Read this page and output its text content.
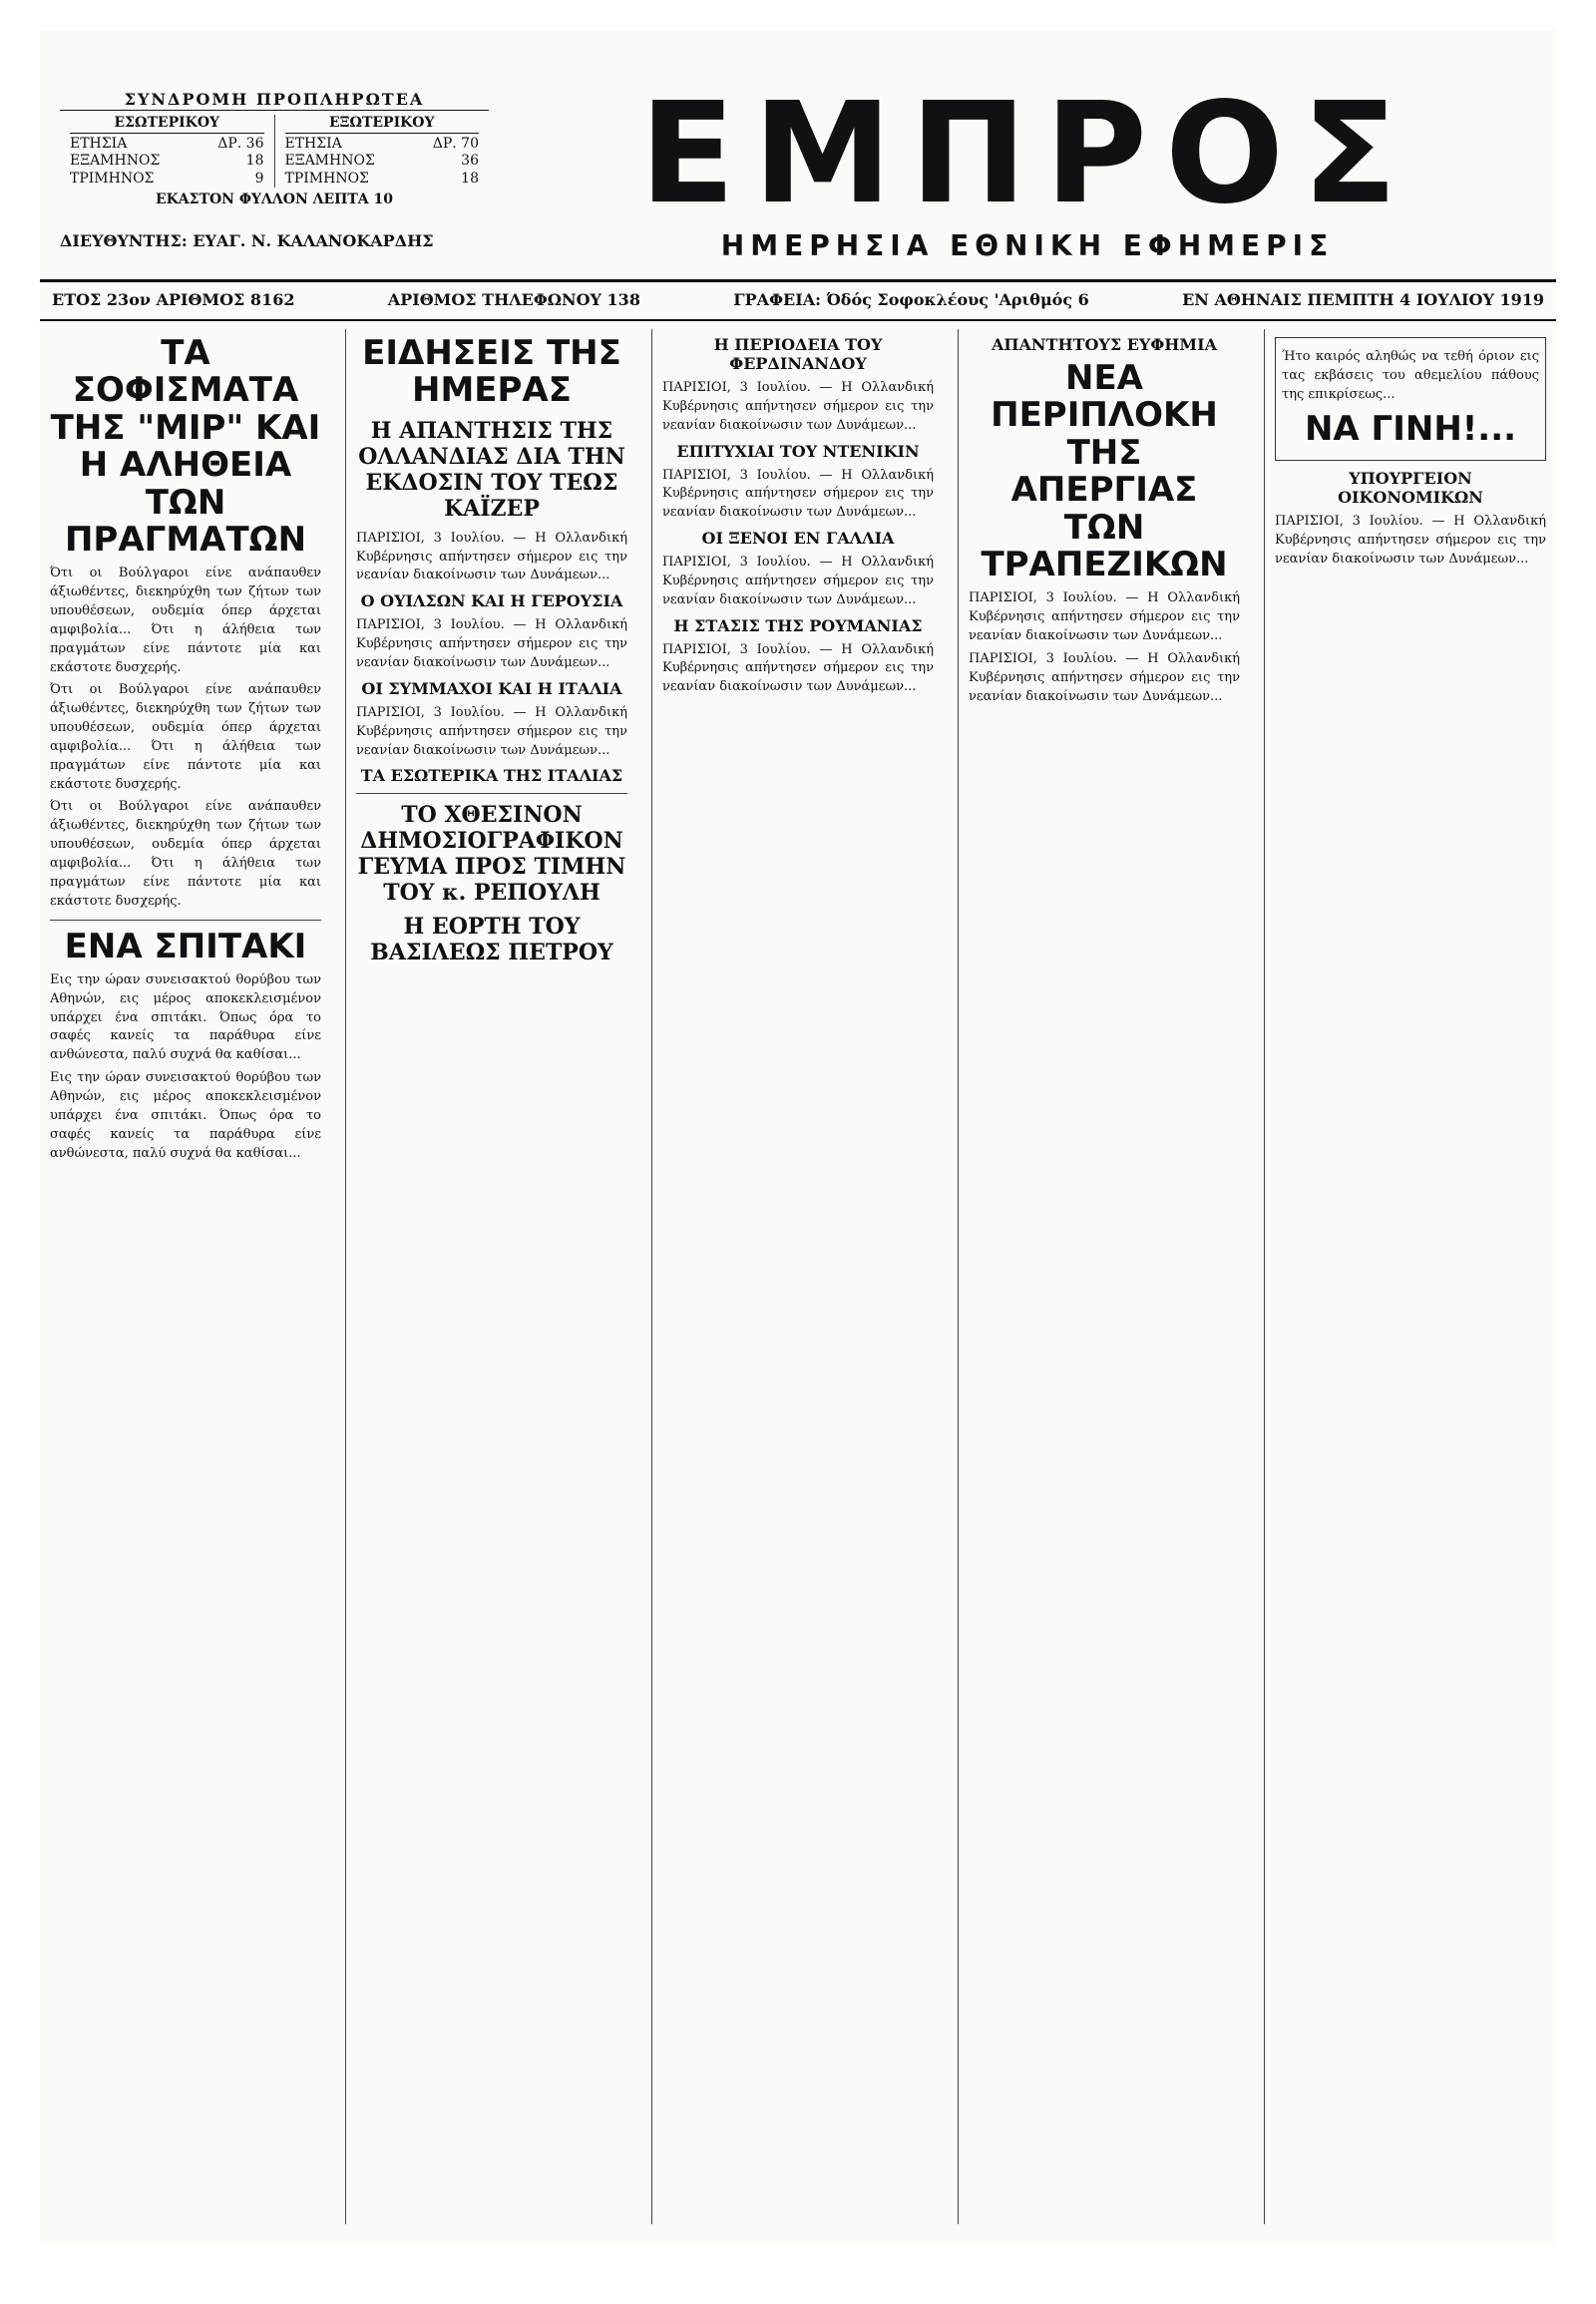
ΣΥΝΔΡΟΜΗ ΠΡΟΠΛΗΡΩΤΕΑ
ΕΣΩΤΕΡΙΚΟΥ
ΕΤΗΣΙΑ	ΔΡ. 36
ΕΞΑΜΗΝΟΣ	18
ΤΡΙΜΗΝΟΣ	9
ΕΞΩΤΕΡΙΚΟΥ
ΕΤΗΣΙΑ	ΔΡ. 70
ΕΞΑΜΗΝΟΣ	36
ΤΡΙΜΗΝΟΣ	18
ΕΚΑΣΤΟΝ ΦΥΛΛΟΝ ΛΕΠΤΑ 10	ΕΜΠΡΟΣ
ΗΜΕΡΗΣΙΑ ΕΘΝΙΚΗ ΕΦΗΜΕΡΙΣ
ΔΙΕΥΘΥΝΤΗΣ: ΕΥΑΓ. Ν. ΚΑΛΑΝΟΚΑΡΔΗΣ
ΕΤΟΣ 23ον ΑΡΙΘΜΟΣ 8162	ΑΡΙΘΜΟΣ ΤΗΛΕΦΩΝΟΥ 138	ΓΡΑΦΕΙΑ: Όδός Σοφοκλέους 'Αριθμός 6	ΕΝ ΑΘΗΝΑΙΣ ΠΕΜΠΤΗ 4 ΙΟΥΛΙΟΥ 1919
ΤΑ ΣΟΦΙΣΜΑΤΑ ΤΗΣ "ΜΙΡ" ΚΑΙ Η ΑΛΗΘΕΙΑ ΤΩΝ ΠΡΑΓΜΑΤΩΝ
Ότι οι Βούλγαροι είνε ανάπαυθεν άξιωθέντες, διεκηρύχθη των ζήτων των υπουθέσεων, ουδεμία όπερ άρχεται αμφιβολία... Ότι η άλήθεια των πραγμάτων είνε πάντοτε μία και εκάστοτε δυσχερής.
Ότι οι Βούλγαροι είνε ανάπαυθεν άξιωθέντες, διεκηρύχθη των ζήτων των υπουθέσεων, ουδεμία όπερ άρχεται αμφιβολία... Ότι η άλήθεια των πραγμάτων είνε πάντοτε μία και εκάστοτε δυσχερής.
Ότι οι Βούλγαροι είνε ανάπαυθεν άξιωθέντες, διεκηρύχθη των ζήτων των υπουθέσεων, ουδεμία όπερ άρχεται αμφιβολία... Ότι η άλήθεια των πραγμάτων είνε πάντοτε μία και εκάστοτε δυσχερής.
ΕΝΑ ΣΠΙΤΑΚΙ
Εις την ώραν συνεισακτού θορύβου των Αθηνών, εις μέρος αποκεκλεισμένον υπάρχει ένα σπιτάκι. Όπως όρα το σαφές κανείς τα παράθυρα είνε ανθώνεστα, παλύ συχνά θα καθίσαι...
Εις την ώραν συνεισακτού θορύβου των Αθηνών, εις μέρος αποκεκλεισμένον υπάρχει ένα σπιτάκι. Όπως όρα το σαφές κανείς τα παράθυρα είνε ανθώνεστα, παλύ συχνά θα καθίσαι...
ΕΙΔΗΣΕΙΣ ΤΗΣ ΗΜΕΡΑΣ
Η ΑΠΑΝΤΗΣΙΣ ΤΗΣ ΟΛΛΑΝΔΙΑΣ ΔΙΑ ΤΗΝ ΕΚΔΟΣΙΝ ΤΟΥ ΤΕΩΣ ΚΑΪΖΕΡ
ΠΑΡΙΣΙΟΙ, 3 Ιουλίου. — Η Ολλανδική Κυβέρνησις απήντησεν σήμερον εις την νεανίαν διακοίνωσιν των Δυνάμεων...
Ο ΟΥΙΛΣΩΝ ΚΑΙ Η ΓΕΡΟΥΣΙΑ
ΠΑΡΙΣΙΟΙ, 3 Ιουλίου. — Η Ολλανδική Κυβέρνησις απήντησεν σήμερον εις την νεανίαν διακοίνωσιν των Δυνάμεων...
ΟΙ ΣΥΜΜΑΧΟΙ ΚΑΙ Η ΙΤΑΛΙΑ
ΠΑΡΙΣΙΟΙ, 3 Ιουλίου. — Η Ολλανδική Κυβέρνησις απήντησεν σήμερον εις την νεανίαν διακοίνωσιν των Δυνάμεων...
ΤΑ ΕΣΩΤΕΡΙΚΑ ΤΗΣ ΙΤΑΛΙΑΣ
ΤΟ ΧΘΕΣΙΝΟΝ ΔΗΜΟΣΙΟΓΡΑΦΙΚΟΝ ΓΕΥΜΑ ΠΡΟΣ ΤΙΜΗΝ ΤΟΥ κ. ΡΕΠΟΥΛΗ
Η ΕΟΡΤΗ ΤΟΥ ΒΑΣΙΛΕΩΣ ΠΕΤΡΟΥ
Η ΠΕΡΙΟΔΕΙΑ ΤΟΥ ΦΕΡΔΙΝΑΝΔΟΥ
ΠΑΡΙΣΙΟΙ, 3 Ιουλίου. — Η Ολλανδική Κυβέρνησις απήντησεν σήμερον εις την νεανίαν διακοίνωσιν των Δυνάμεων...
ΕΠΙΤΥΧΙΑΙ ΤΟΥ ΝΤΕΝΙΚΙΝ
ΠΑΡΙΣΙΟΙ, 3 Ιουλίου. — Η Ολλανδική Κυβέρνησις απήντησεν σήμερον εις την νεανίαν διακοίνωσιν των Δυνάμεων...
ΟΙ ΞΕΝΟΙ ΕΝ ΓΑΛΛΙΑ
ΠΑΡΙΣΙΟΙ, 3 Ιουλίου. — Η Ολλανδική Κυβέρνησις απήντησεν σήμερον εις την νεανίαν διακοίνωσιν των Δυνάμεων...
Η ΣΤΑΣΙΣ ΤΗΣ ΡΟΥΜΑΝΙΑΣ
ΠΑΡΙΣΙΟΙ, 3 Ιουλίου. — Η Ολλανδική Κυβέρνησις απήντησεν σήμερον εις την νεανίαν διακοίνωσιν των Δυνάμεων...
ΑΠΑΝΤΗΤΟΥΣ ΕΥΦΗΜΙΑ
ΝΕΑ ΠΕΡΙΠΛΟΚΗ ΤΗΣ ΑΠΕΡΓΙΑΣ ΤΩΝ ΤΡΑΠΕΖΙΚΩΝ
ΠΑΡΙΣΙΟΙ, 3 Ιουλίου. — Η Ολλανδική Κυβέρνησις απήντησεν σήμερον εις την νεανίαν διακοίνωσιν των Δυνάμεων...
ΠΑΡΙΣΙΟΙ, 3 Ιουλίου. — Η Ολλανδική Κυβέρνησις απήντησεν σήμερον εις την νεανίαν διακοίνωσιν των Δυνάμεων...
Ήτο καιρός αληθώς να τεθή όριον εις τας εκβάσεις του αθεμελίου πάθους της επικρίσεως...
ΝΑ ΓΙΝΗ!...
ΥΠΟΥΡΓΕΙΟΝ ΟΙΚΟΝΟΜΙΚΩΝ
ΠΑΡΙΣΙΟΙ, 3 Ιουλίου. — Η Ολλανδική Κυβέρνησις απήντησεν σήμερον εις την νεανίαν διακοίνωσιν των Δυνάμεων...
